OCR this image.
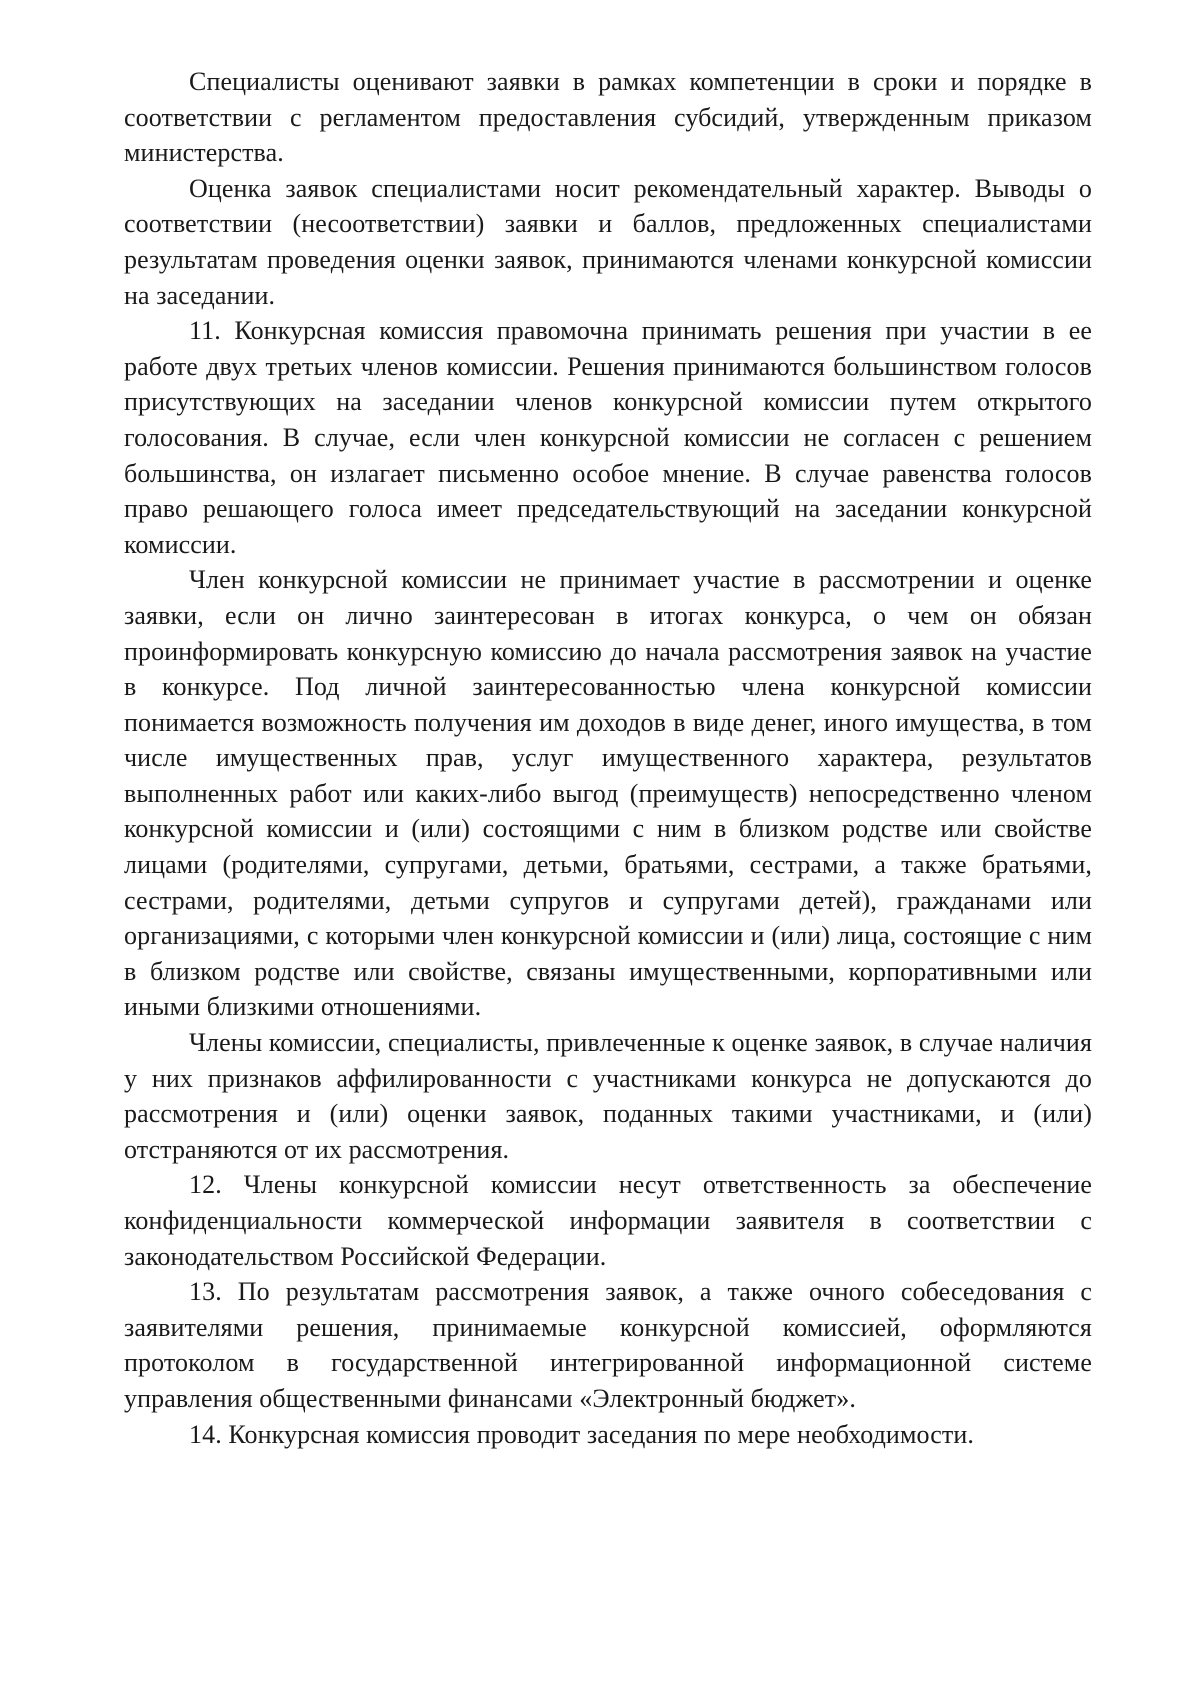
Специалисты оценивают заявки в рамках компетенции в сроки и порядке в соответствии с регламентом предоставления субсидий, утвержденным приказом министерства.

Оценка заявок специалистами носит рекомендательный характер. Выводы о соответствии (несоответствии) заявки и баллов, предложенных специалистами результатам проведения оценки заявок, принимаются членами конкурсной комиссии на заседании.

11. Конкурсная комиссия правомочна принимать решения при участии в ее работе двух третьих членов комиссии. Решения принимаются большинством голосов присутствующих на заседании членов конкурсной комиссии путем открытого голосования. В случае, если член конкурсной комиссии не согласен с решением большинства, он излагает письменно особое мнение. В случае равенства голосов право решающего голоса имеет председательствующий на заседании конкурсной комиссии.

Член конкурсной комиссии не принимает участие в рассмотрении и оценке заявки, если он лично заинтересован в итогах конкурса, о чем он обязан проинформировать конкурсную комиссию до начала рассмотрения заявок на участие в конкурсе. Под личной заинтересованностью члена конкурсной комиссии понимается возможность получения им доходов в виде денег, иного имущества, в том числе имущественных прав, услуг имущественного характера, результатов выполненных работ или каких-либо выгод (преимуществ) непосредственно членом конкурсной комиссии и (или) состоящими с ним в близком родстве или свойстве лицами (родителями, супругами, детьми, братьями, сестрами, а также братьями, сестрами, родителями, детьми супругов и супругами детей), гражданами или организациями, с которыми член конкурсной комиссии и (или) лица, состоящие с ним в близком родстве или свойстве, связаны имущественными, корпоративными или иными близкими отношениями.

Члены комиссии, специалисты, привлеченные к оценке заявок, в случае наличия у них признаков аффилированности с участниками конкурса не допускаются до рассмотрения и (или) оценки заявок, поданных такими участниками, и (или) отстраняются от их рассмотрения.

12. Члены конкурсной комиссии несут ответственность за обеспечение конфиденциальности коммерческой информации заявителя в соответствии с законодательством Российской Федерации.

13. По результатам рассмотрения заявок, а также очного собеседования с заявителями решения, принимаемые конкурсной комиссией, оформляются протоколом в государственной интегрированной информационной системе управления общественными финансами «Электронный бюджет».

14. Конкурсная комиссия проводит заседания по мере необходимости.
